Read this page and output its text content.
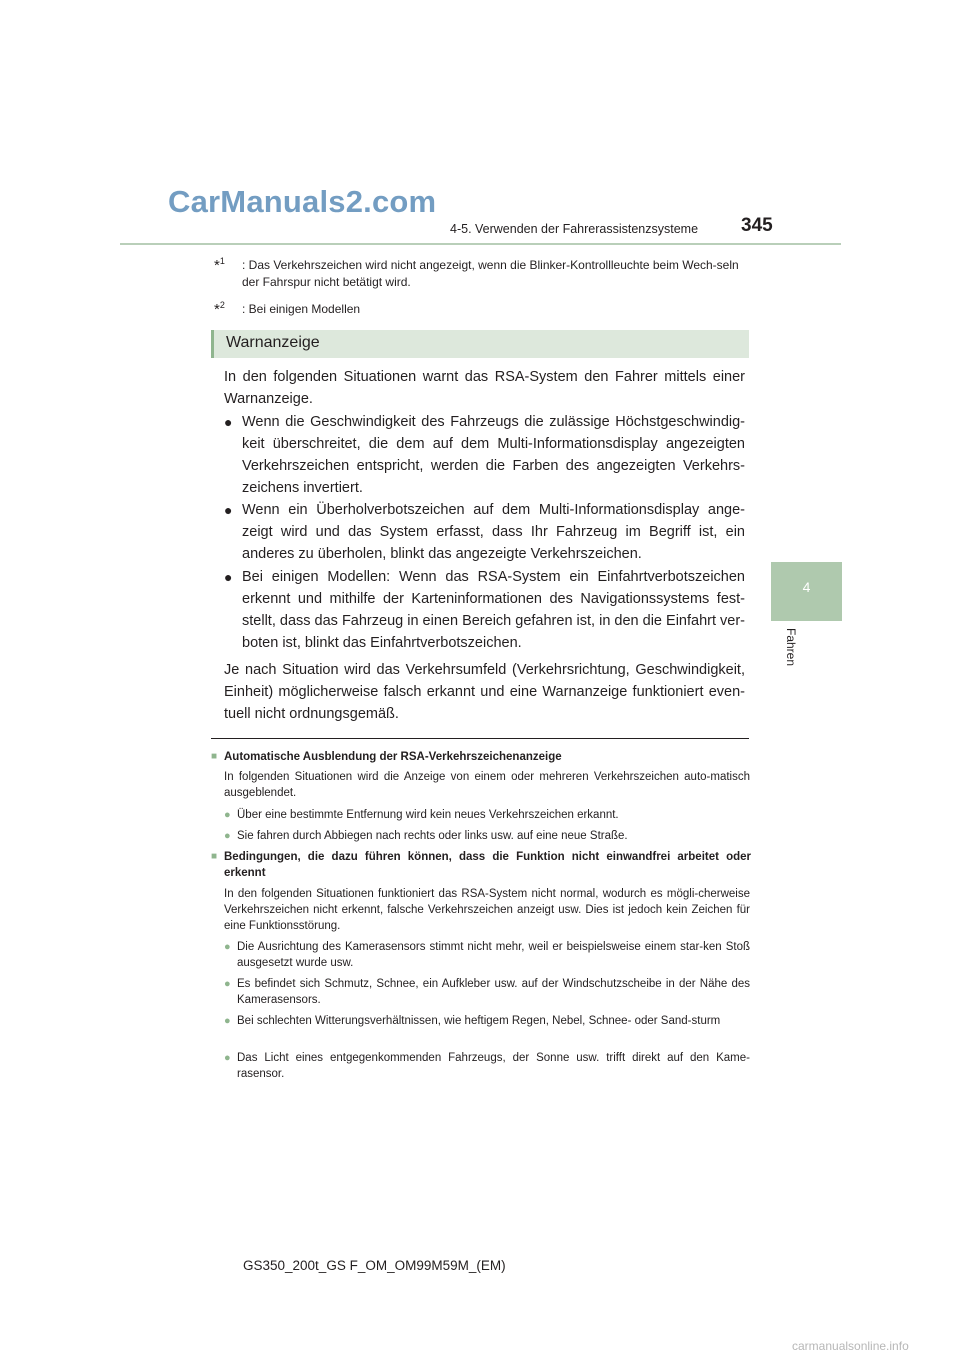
CarManuals2.com
4-5. Verwenden der Fahrerassistenzsysteme 345
4
Fahren
*$^1$	: Das Verkehrszeichen wird nicht angezeigt, wenn die Blinker-Kontrollleuchte beim Wech-seln der Fahrspur nicht betätigt wird.
*$^2$	: Bei einigen Modellen
Warnanzeige
In den folgenden Situationen warnt das RSA-System den Fahrer mittels einer Warnanzeige.
● Wenn die Geschwindigkeit des Fahrzeugs die zulässige Höchstgeschwindig-keit überschreitet, die dem auf dem Multi-Informationsdisplay angezeigten Verkehrszeichen entspricht, werden die Farben des angezeigten Verkehrs-zeichens invertiert.
● Wenn ein Überholverbotszeichen auf dem Multi-Informationsdisplay ange-zeigt wird und das System erfasst, dass Ihr Fahrzeug im Begriff ist, ein anderes zu überholen, blinkt das angezeigte Verkehrszeichen.
● Bei einigen Modellen: Wenn das RSA-System ein Einfahrtverbotszeichen erkennt und mithilfe der Karteninformationen des Navigationssystems fest-stellt, dass das Fahrzeug in einen Bereich gefahren ist, in den die Einfahrt ver-boten ist, blinkt das Einfahrtverbotszeichen.
Je nach Situation wird das Verkehrsumfeld (Verkehrsrichtung, Geschwindigkeit, Einheit) möglicherweise falsch erkannt und eine Warnanzeige funktioniert even-tuell nicht ordnungsgemäß.
■ Automatische Ausblendung der RSA-Verkehrszeichenanzeige
In folgenden Situationen wird die Anzeige von einem oder mehreren Verkehrszeichen auto-matisch ausgeblendet.
● Über eine bestimmte Entfernung wird kein neues Verkehrszeichen erkannt.
● Sie fahren durch Abbiegen nach rechts oder links usw. auf eine neue Straße.
■ Bedingungen, die dazu führen können, dass die Funktion nicht einwandfrei arbeitet oder erkennt
In den folgenden Situationen funktioniert das RSA-System nicht normal, wodurch es mögli-cherweise Verkehrszeichen nicht erkennt, falsche Verkehrszeichen anzeigt usw. Dies ist jedoch kein Zeichen für eine Funktionsstörung.
● Die Ausrichtung des Kamerasensors stimmt nicht mehr, weil er beispielsweise einem star-ken Stoß ausgesetzt wurde usw.
● Es befindet sich Schmutz, Schnee, ein Aufkleber usw. auf der Windschutzscheibe in der Nähe des Kamerasensors.
● Bei schlechten Witterungsverhältnissen, wie heftigem Regen, Nebel, Schnee- oder Sand-sturm
● Das Licht eines entgegenkommenden Fahrzeugs, der Sonne usw. trifft direkt auf den Kame-rasensor.
GS350_200t_GS F_OM_OM99M59M_(EM)
carmanualsonline.info
